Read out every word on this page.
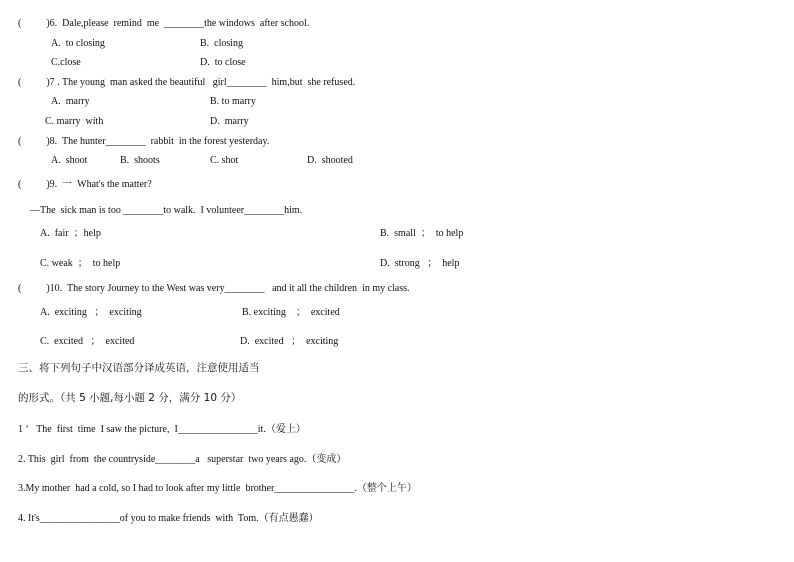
(          )6.  Dale,please  remind  me  ________the windows  after school.
A.  to closing	B.  closing
C.close	D.  to close
(          )7 . The young  man asked the beautiful   girl________  him,but  she refused.
A.  marry	B. to marry
C. marry  with	D.  marry
(          )8.  The hunter________  rabbit  in the forest yesterday.
A.  shoot	B.  shoots	C. shot	D.  shooted
(          )9.  一  What's the matter?
—The  sick man is too ________to walk.  I volunteer________him.
A.  fair  ；help	B.  small  ；  to help
C. weak  ；  to help	D.  strong   ；  help
(          )10.  The story Journey to the West was very________   and it all the children  in my class.
A.  exciting   ；  exciting	B. exciting    ；  excited
C.  excited   ；  excited	D.  excited   ；  exciting
三、将下列句子中汉语部分译成英语，注意使用适当
的形式。（共 5 小题,每小题 2 分，满分 10 分）
1 ‘   The  first  time  I saw the picture,  I________________it.（爱上）
2. This  girl  from  the countryside________a   superstar  two years ago.（变成）
3.My mother  had a cold, so I had to look after my little  brother________________.（整个上午）
4. It's________________of you to make friends  with  Tom.（有点愚蠢）
